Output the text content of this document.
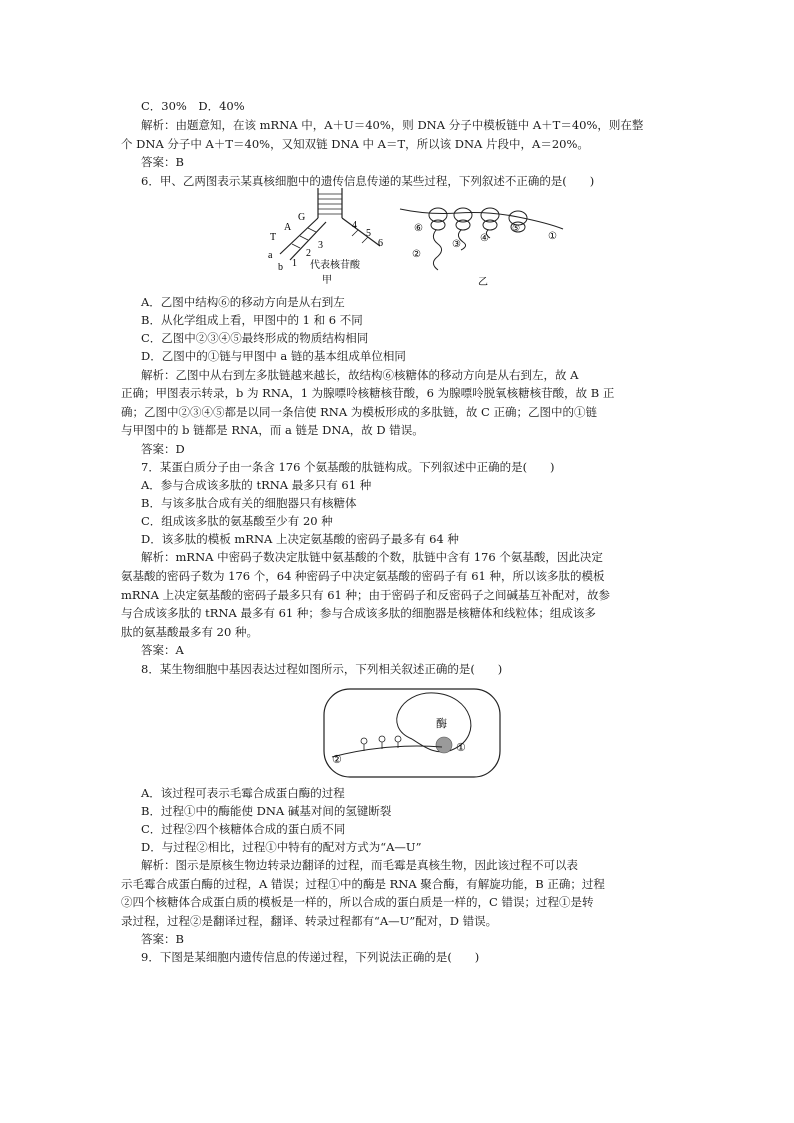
C．30%　D．40%
解析：由题意知，在该 mRNA 中，A＋U＝40%，则 DNA 分子中模板链中 A＋T＝40%，则在整
个 DNA 分子中 A＋T＝40%，又知双链 DNA 中 A＝T，所以该 DNA 片段中，A＝20%。
答案：B
6．甲、乙两图表示某真核细胞中的遗传信息传递的某些过程，下列叙述不正确的是(　　)
T
A
G
a
b 1
2
3
4
5
6
代表核苷酸
甲
⑥	⑤
④
③
②
①
乙
A．乙图中结构⑥的移动方向是从右到左
B．从化学组成上看，甲图中的 1 和 6 不同
C．乙图中②③④⑤最终形成的物质结构相同
D．乙图中的①链与甲图中 a 链的基本组成单位相同
解析：乙图中从右到左多肽链越来越长，故结构⑥核糖体的移动方向是从右到左，故 A
正确；甲图表示转录，b 为 RNA，1 为腺嘌呤核糖核苷酸，6 为腺嘌呤脱氧核糖核苷酸，故 B 正
确；乙图中②③④⑤都是以同一条信使 RNA 为模板形成的多肽链，故 C 正确；乙图中的①链
与甲图中的 b 链都是 RNA，而 a 链是 DNA，故 D 错误。
答案：D
7．某蛋白质分子由一条含 176 个氨基酸的肽链构成。下列叙述中正确的是(　　)
A．参与合成该多肽的 tRNA 最多只有 61 种
B．与该多肽合成有关的细胞器只有核糖体
C．组成该多肽的氨基酸至少有 20 种
D．该多肽的模板 mRNA 上决定氨基酸的密码子最多有 64 种
解析：mRNA 中密码子数决定肽链中氨基酸的个数，肽链中含有 176 个氨基酸，因此决定
氨基酸的密码子数为 176 个，64 种密码子中决定氨基酸的密码子有 61 种，所以该多肽的模板
mRNA 上决定氨基酸的密码子最多只有 61 种；由于密码子和反密码子之间碱基互补配对，故参
与合成该多肽的 tRNA 最多有 61 种；参与合成该多肽的细胞器是核糖体和线粒体；组成该多
肽的氨基酸最多有 20 种。
答案：A
8．某生物细胞中基因表达过程如图所示，下列相关叙述正确的是(　　)
酶
①
②
A．该过程可表示毛霉合成蛋白酶的过程
B．过程①中的酶能使 DNA 碱基对间的氢键断裂
C．过程②四个核糖体合成的蛋白质不同
D．与过程②相比，过程①中特有的配对方式为“A—U”
解析：图示是原核生物边转录边翻译的过程，而毛霉是真核生物，因此该过程不可以表
示毛霉合成蛋白酶的过程，A 错误；过程①中的酶是 RNA 聚合酶，有解旋功能，B 正确；过程
②四个核糖体合成蛋白质的模板是一样的，所以合成的蛋白质是一样的，C 错误；过程①是转
录过程，过程②是翻译过程，翻译、转录过程都有“A—U”配对，D 错误。
答案：B
9．下图是某细胞内遗传信息的传递过程，下列说法正确的是(　　)
